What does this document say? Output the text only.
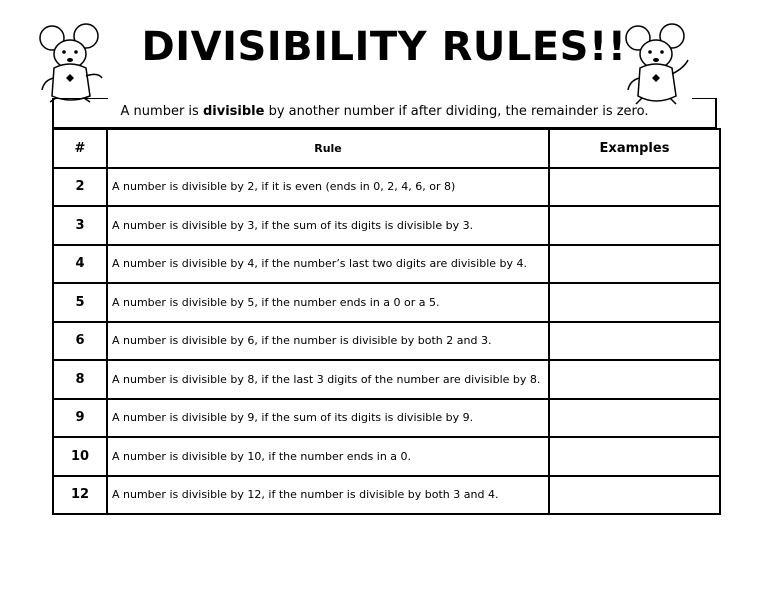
DIVISIBILITY RULES!!
A number is divisible by another number if after dividing, the remainder is zero.
#	Rule	Examples
2	A number is divisible by 2, if it is even (ends in 0, 2, 4, 6, or 8)	
3	A number is divisible by 3, if the sum of its digits is divisible by 3.	
4	A number is divisible by 4, if the number’s last two digits are divisible by 4.	
5	A number is divisible by 5, if the number ends in a 0 or a 5.	
6	A number is divisible by 6, if the number is divisible by both 2 and 3.	
8	A number is divisible by 8, if the last 3 digits of the number are divisible by 8.	
9	A number is divisible by 9, if the sum of its digits is divisible by 9.	
10	A number is divisible by 10, if the number ends in a 0.	
12	A number is divisible by 12, if the number is divisible by both 3 and 4.	
